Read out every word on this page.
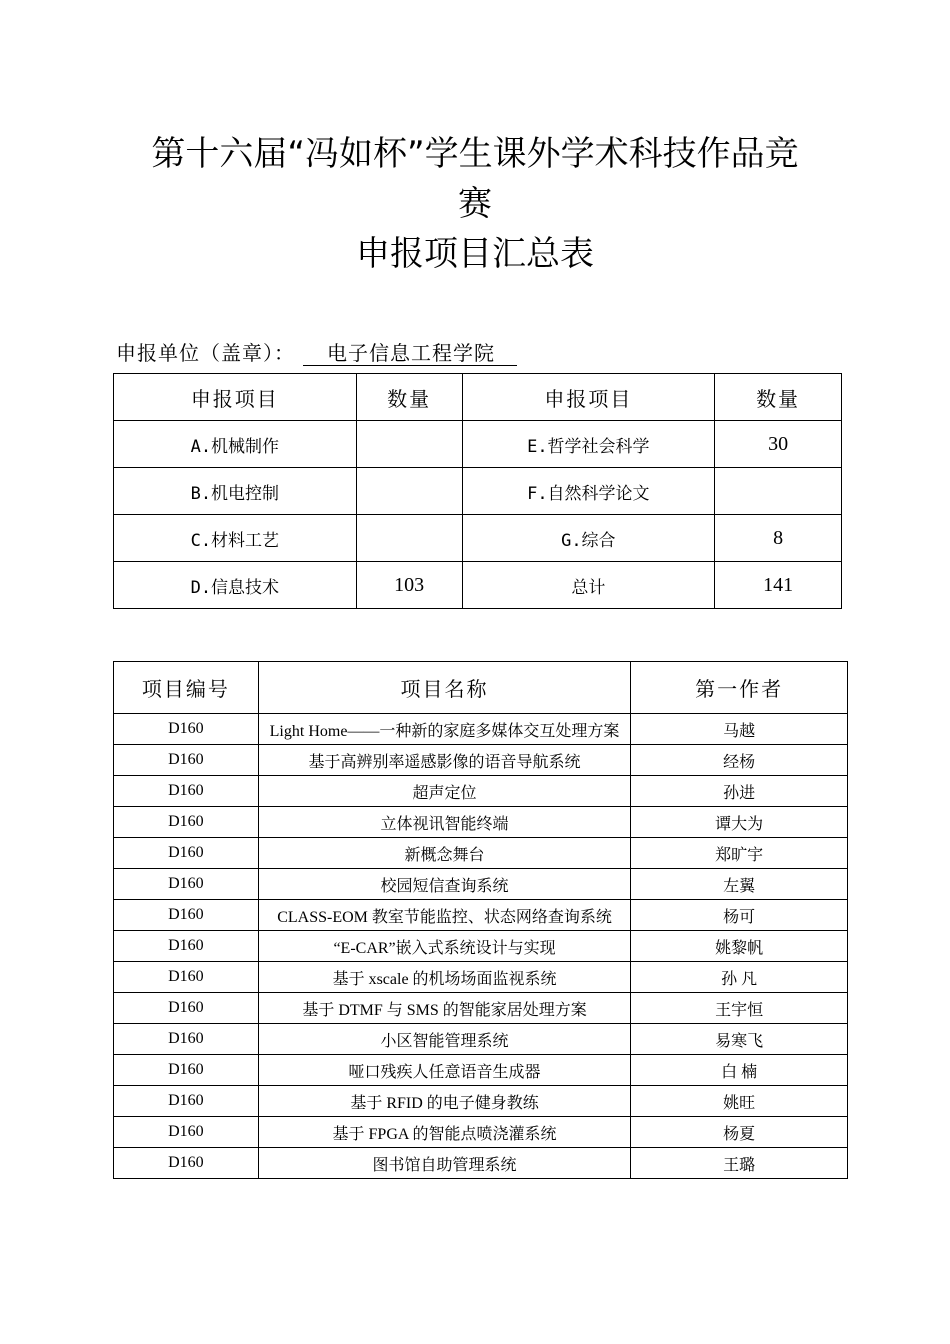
第十六届“冯如杯”学生课外学术科技作品竞
赛
申报项目汇总表
申报单位（盖章）： 电子信息工程学院
申报项目	数量	申报项目	数量
A.机械制作		E.哲学社会科学	30
B.机电控制		F.自然科学论文	
C.材料工艺		G.综合	8
D.信息技术	103	总计	141
项目编号	项目名称	第一作者
D160	Light Home——一种新的家庭多媒体交互处理方案	马越
D160	基于高辨别率遥感影像的语音导航系统	经杨
D160	超声定位	孙进
D160	立体视讯智能终端	谭大为
D160	新概念舞台	郑旷宇
D160	校园短信查询系统	左翼
D160	CLASS-EOM 教室节能监控、状态网络查询系统	杨可
D160	“E-CAR”嵌入式系统设计与实现	姚黎帆
D160	基于 xscale 的机场场面监视系统	孙 凡
D160	基于 DTMF 与 SMS 的智能家居处理方案	王宇恒
D160	小区智能管理系统	易寒飞
D160	哑口残疾人任意语音生成器	白 楠
D160	基于 RFID 的电子健身教练	姚旺
D160	基于 FPGA 的智能点喷浇灌系统	杨夏
D160	图书馆自助管理系统	王璐
